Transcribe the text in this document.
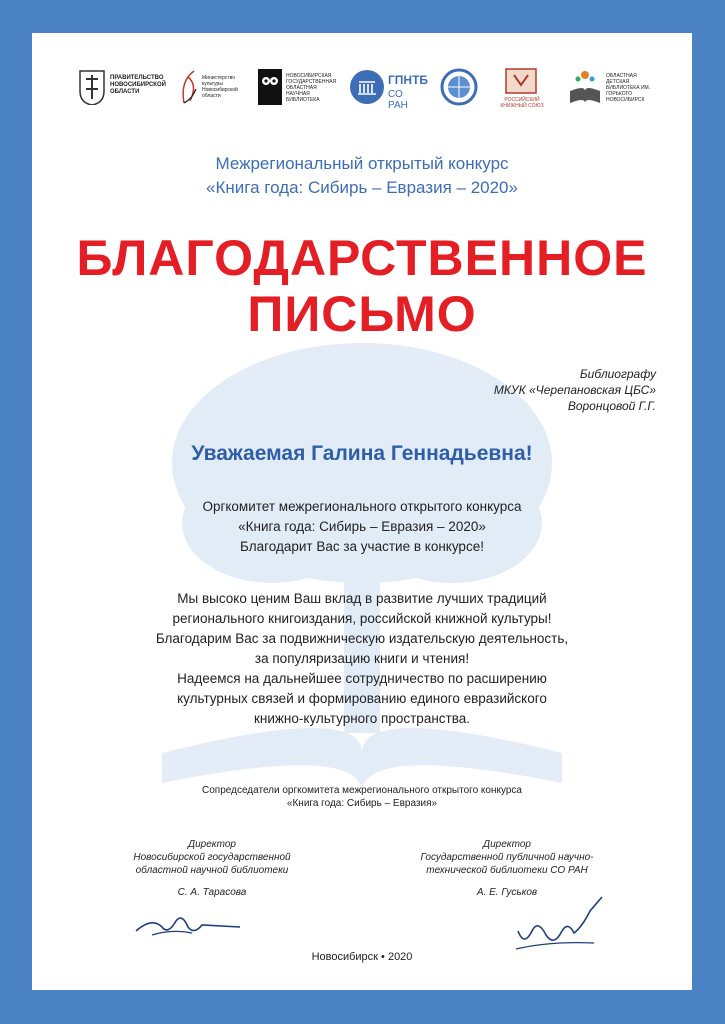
ПРАВИТЕЛЬСТВО НОВОСИБИРСКОЙ ОБЛАСТИ
Министерство культуры Новосибирской области
НОВОСИБИРСКАЯ ГОСУДАРСТВЕННАЯ ОБЛАСТНАЯ НАУЧНАЯ БИБЛИОТЕКА
ГПНТБ
СО РАН	РОССИЙСКИЙ КНИЖНЫЙ СОЮЗ
ОБЛАСТНАЯ ДЕТСКАЯ БИБЛИОТЕКА ИМ. ГОРЬКОГО НОВОСИБИРСК
Межрегиональный открытый конкурс
«Книга года: Сибирь – Евразия – 2020»
БЛАГОДАРСТВЕННОЕ
ПИСЬМО
Библиографу
МКУК «Черепановская ЦБС»
Воронцовой Г.Г.
Уважаемая Галина Геннадьевна!
Оргкомитет межрегионального открытого конкурса
«Книга года: Сибирь – Евразия – 2020»
Благодарит Вас за участие в конкурсе!
Мы высоко ценим Ваш вклад в развитие лучших традиций
регионального книгоиздания, российской книжной культуры!
Благодарим Вас за подвижническую издательскую деятельность,
за популяризацию книги и чтения!
Надеемся на дальнейшее сотрудничество по расширению
культурных связей и формированию единого евразийского
книжно-культурного пространства.
Сопредседатели оргкомитета межрегионального открытого конкурса
«Книга года: Сибирь – Евразия»
Директор
Новосибирской государственной
областной научной библиотеки
С. А. Тарасова
Директор
Государственной публичной научно-
технической библиотеки СО РАН
А. Е. Гуськов
Новосибирск • 2020
